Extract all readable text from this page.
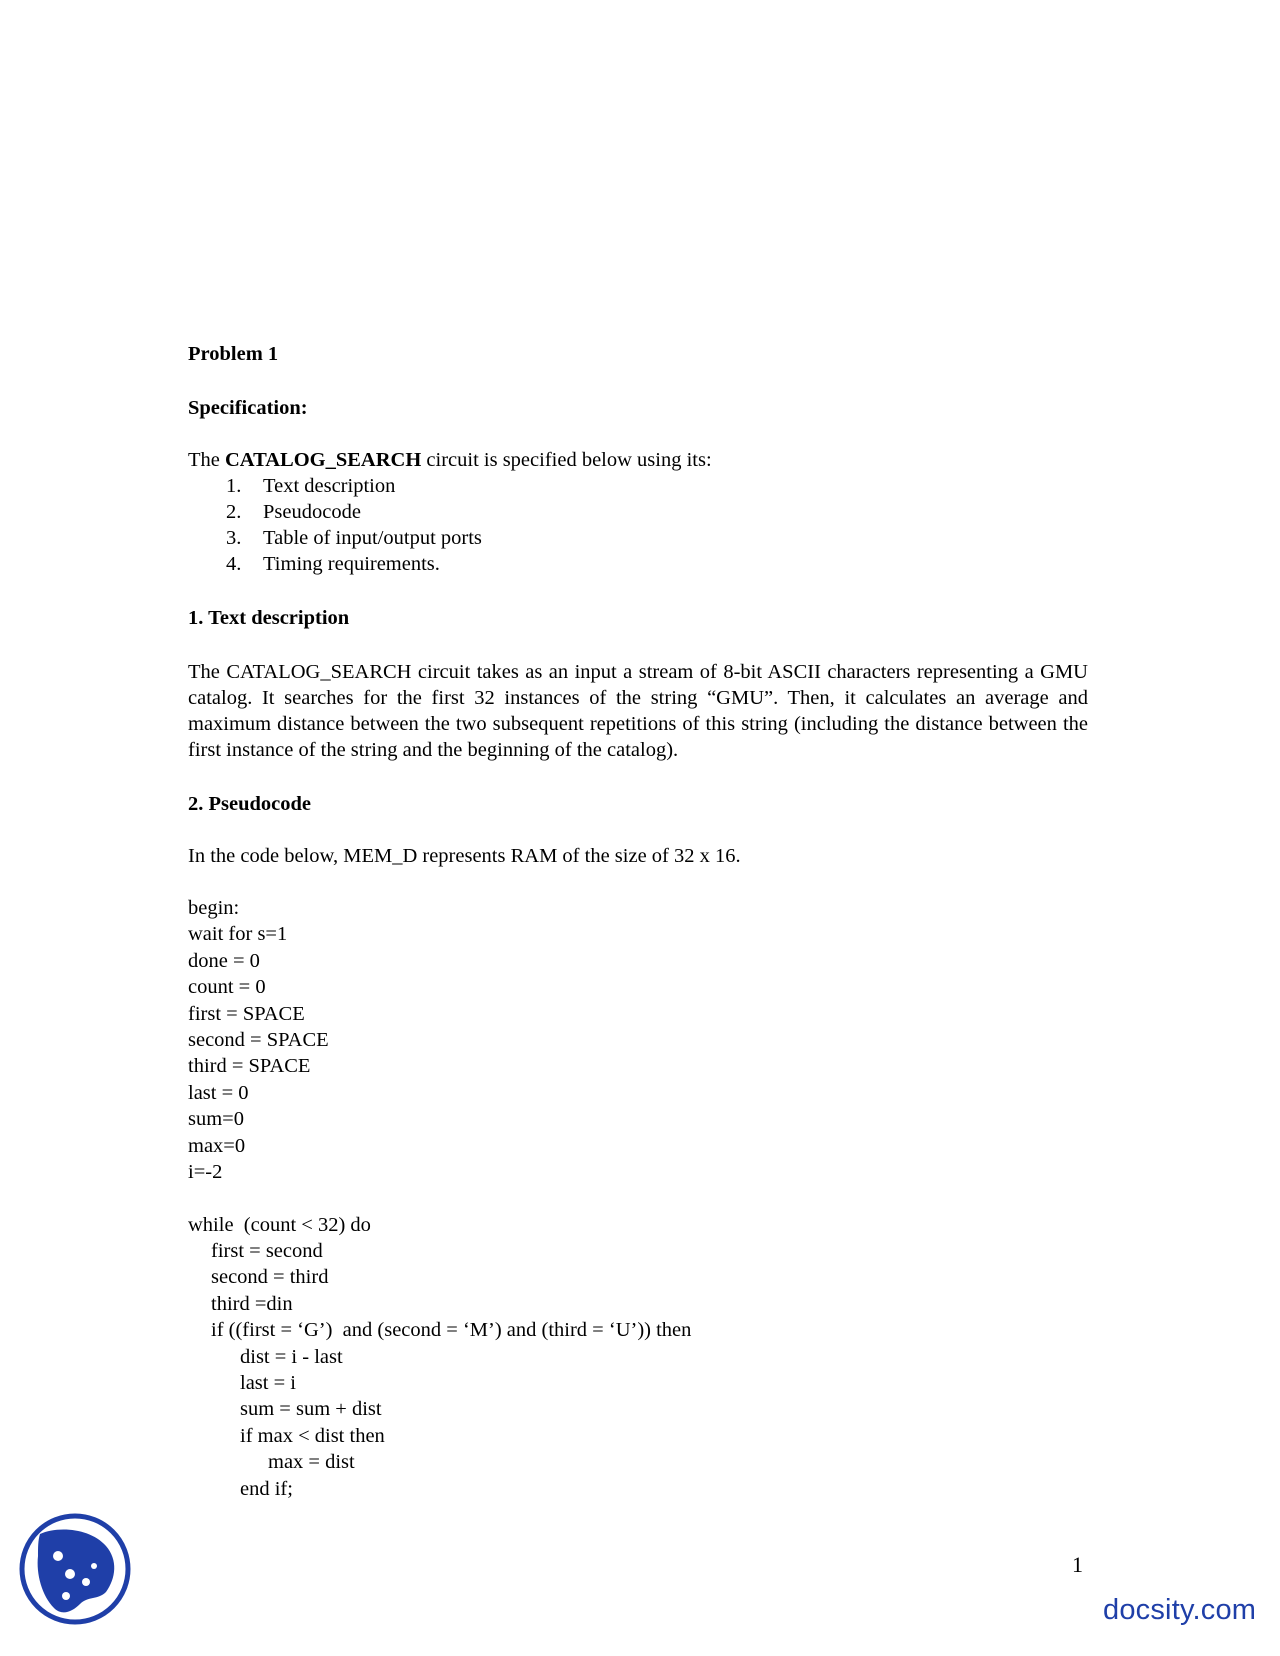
Problem 1

Specification:

The CATALOG_SEARCH circuit is specified below using its:

1. Text description
2. Pseudocode
3. Table of input/output ports
4. Timing requirements.

1. Text description

The CATALOG_SEARCH circuit takes as an input a stream of 8-bit ASCII characters representing a GMU catalog. It searches for the first 32 instances of the string “GMU”. Then, it calculates an average and maximum distance between the two subsequent repetitions of this string (including the distance between the first instance of the string and the beginning of the catalog).

2. Pseudocode

In the code below, MEM_D represents RAM of the size of 32 x 16.

begin:
wait for s=1
done = 0
count = 0
first = SPACE
second = SPACE
third = SPACE
last = 0
sum=0
max=0
i=-2
while  (count < 32) do
first = second
second = third
third =din
if ((first = ‘G’)  and (second = ‘M’) and (third = ‘U’)) then
dist = i - last
last = i
sum = sum + dist
if max < dist then
max = dist
end if;
1
docsity.com
